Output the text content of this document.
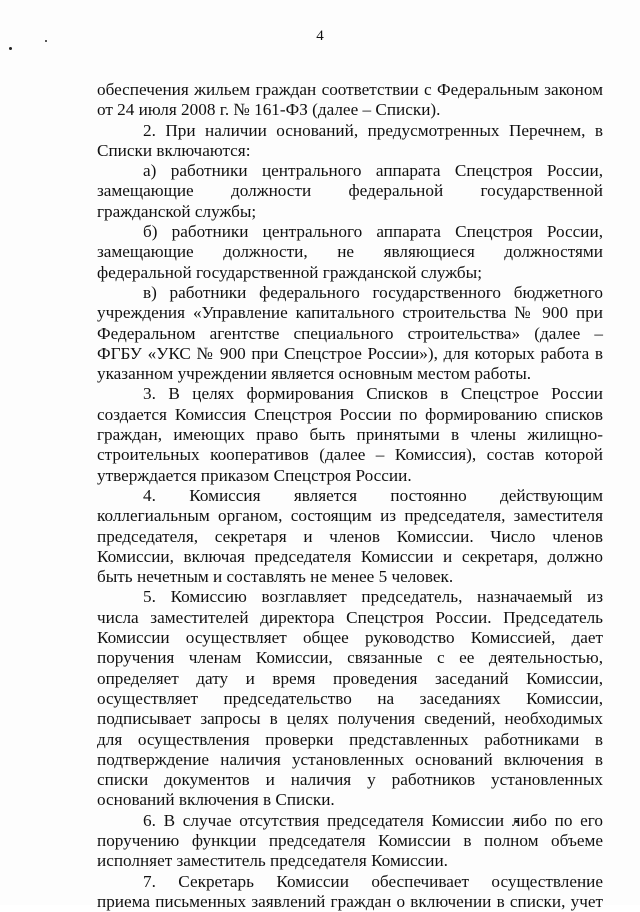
4
обеспечения жильем граждан соответствии с Федеральным законом
от 24 июля 2008 г. № 161-ФЗ (далее – Списки).
2. При наличии оснований, предусмотренных Перечнем, в
Списки включаются:
а) работники центрального аппарата Спецстроя России,
замещающие должности федеральной государственной
гражданской службы;
б) работники центрального аппарата Спецстроя России,
замещающие должности, не являющиеся должностями
федеральной государственной гражданской службы;
в) работники федерального государственного бюджетного
учреждения «Управление капитального строительства № 900 при
Федеральном агентстве специального строительства» (далее –
ФГБУ «УКС № 900 при Спецстрое России»), для которых работа в
указанном учреждении является основным местом работы.
3. В целях формирования Списков в Спецстрое России
создается Комиссия Спецстроя России по формированию списков
граждан, имеющих право быть принятыми в члены жилищно-
строительных кооперативов (далее – Комиссия), состав которой
утверждается приказом Спецстроя России.
4. Комиссия является постоянно действующим
коллегиальным органом, состоящим из председателя, заместителя
председателя, секретаря и членов Комиссии. Число членов
Комиссии, включая председателя Комиссии и секретаря, должно
быть нечетным и составлять не менее 5 человек.
5. Комиссию возглавляет председатель, назначаемый из
числа заместителей директора Спецстроя России. Председатель
Комиссии осуществляет общее руководство Комиссией, дает
поручения членам Комиссии, связанные с ее деятельностью,
определяет дату и время проведения заседаний Комиссии,
осуществляет председательство на заседаниях Комиссии,
подписывает запросы в целях получения сведений, необходимых
для осуществления проверки представленных работниками в
подтверждение наличия установленных оснований включения в
списки документов и наличия у работников установленных
оснований включения в Списки.
6. В случае отсутствия председателя Комиссии либо по его
поручению функции председателя Комиссии в полном объеме
исполняет заместитель председателя Комиссии.
7. Секретарь Комиссии обеспечивает осуществление
приема письменных заявлений граждан о включении в списки, учет
